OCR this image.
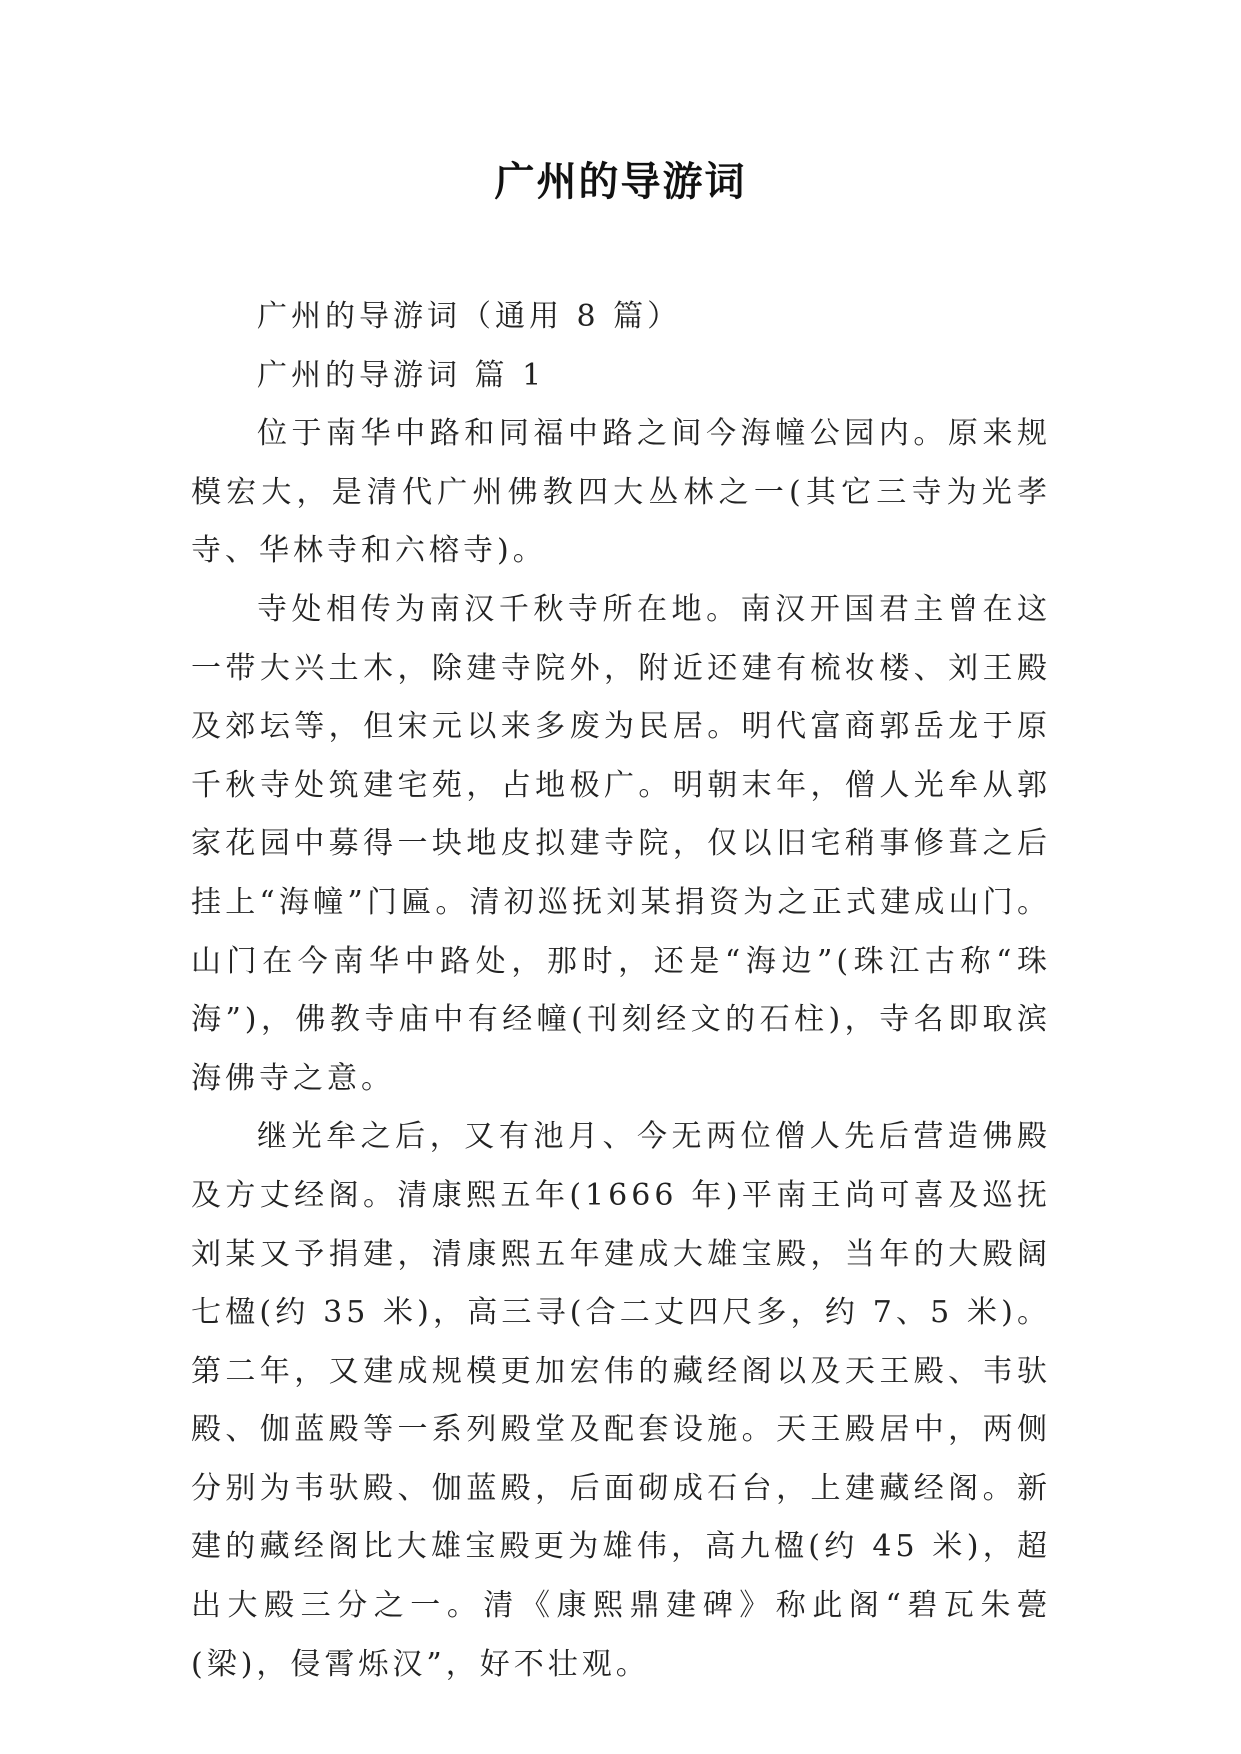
广州的导游词

广州的导游词（通用 8 篇）

广州的导游词 篇 1

位于南华中路和同福中路之间今海幢公园内。原来规模宏大，是清代广州佛教四大丛林之一(其它三寺为光孝寺、华林寺和六榕寺)。

寺处相传为南汉千秋寺所在地。南汉开国君主曾在这一带大兴土木，除建寺院外，附近还建有梳妆楼、刘王殿及郊坛等，但宋元以来多废为民居。明代富商郭岳龙于原千秋寺处筑建宅苑，占地极广。明朝末年，僧人光牟从郭家花园中募得一块地皮拟建寺院，仅以旧宅稍事修葺之后挂上“海幢”门匾。清初巡抚刘某捐资为之正式建成山门。山门在今南华中路处，那时，还是“海边”(珠江古称“珠海”)，佛教寺庙中有经幢(刊刻经文的石柱)，寺名即取滨海佛寺之意。

继光牟之后，又有池月、今无两位僧人先后营造佛殿及方丈经阁。清康熙五年(1666 年)平南王尚可喜及巡抚刘某又予捐建，清康熙五年建成大雄宝殿，当年的大殿阔七楹(约 35 米)，高三寻(合二丈四尺多，约 7、5 米)。第二年，又建成规模更加宏伟的藏经阁以及天王殿、韦驮殿、伽蓝殿等一系列殿堂及配套设施。天王殿居中，两侧分别为韦驮殿、伽蓝殿，后面砌成石台，上建藏经阁。新建的藏经阁比大雄宝殿更为雄伟，高九楹(约 45 米)，超出大殿三分之一。清《康熙鼎建碑》称此阁“碧瓦朱甍(梁)，侵霄烁汉”，好不壮观。
